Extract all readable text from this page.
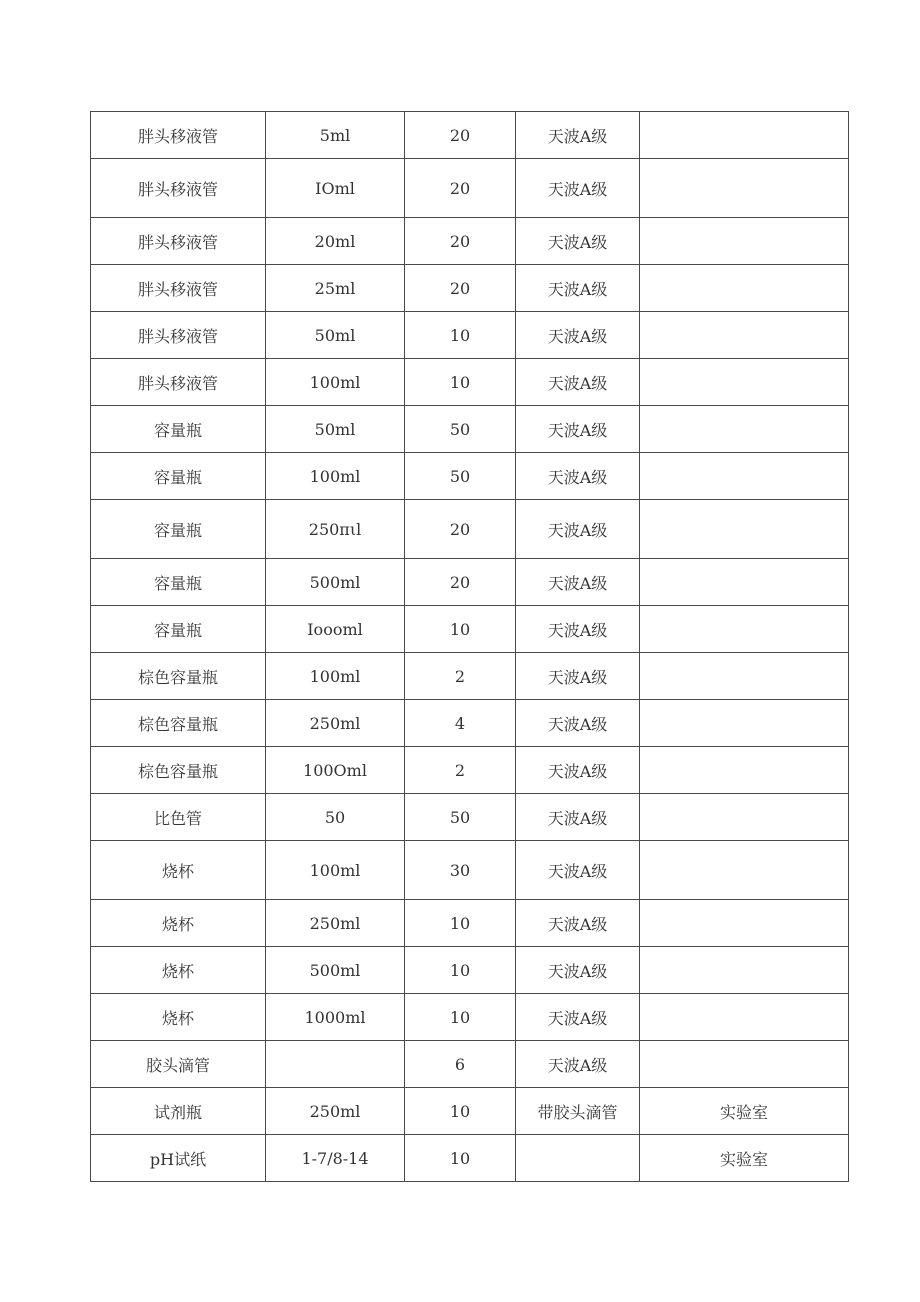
胖头移液管	5ml	20	天波A级	
胖头移液管	IOml	20	天波A级	
胖头移液管	20ml	20	天波A级	
胖头移液管	25ml	20	天波A级	
胖头移液管	50ml	10	天波A级	
胖头移液管	100ml	10	天波A级	
容量瓶	50ml	50	天波A级	
容量瓶	100ml	50	天波A级	
容量瓶	250πιl	20	天波A级	
容量瓶	500ml	20	天波A级	
容量瓶	Ioooml	10	天波A级	
棕色容量瓶	100ml	2	天波A级	
棕色容量瓶	250ml	4	天波A级	
棕色容量瓶	100Oml	2	天波A级	
比色管	50	50	天波A级	
烧杯	100ml	30	天波A级	
烧杯	250ml	10	天波A级	
烧杯	500ml	10	天波A级	
烧杯	1000ml	10	天波A级	
胶头滴管		6	天波A级	
试剂瓶	250ml	10	带胶头滴管	实验室
pH试纸	1-7/8-14	10		实验室
